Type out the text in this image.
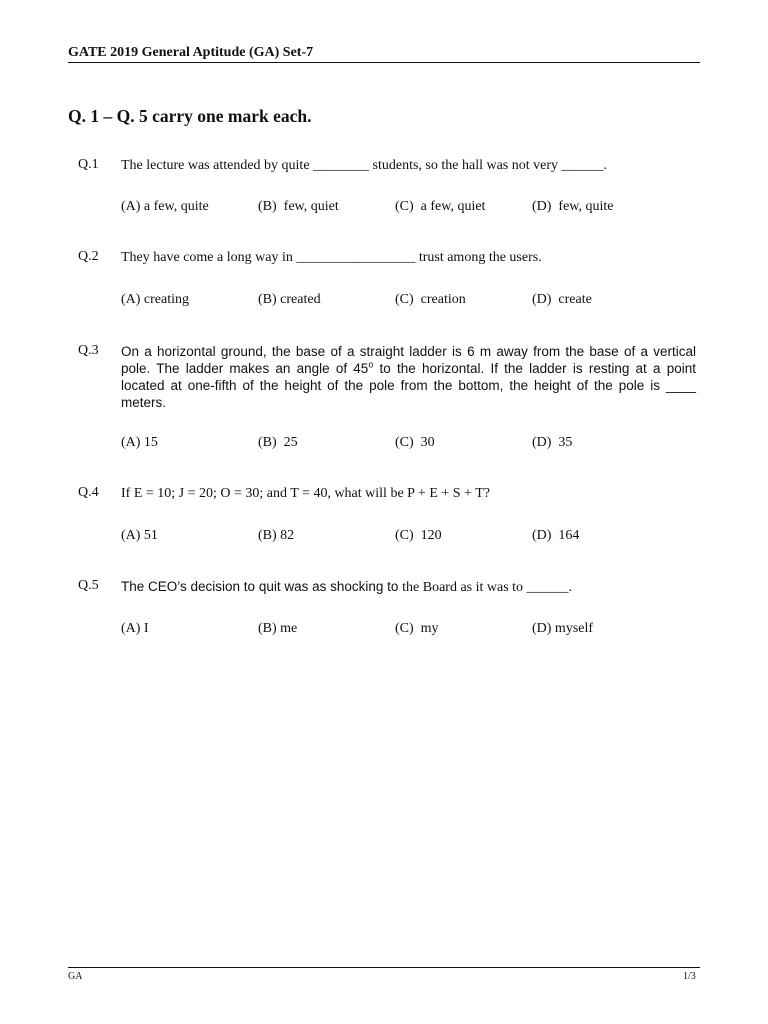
GATE 2019 General Aptitude (GA) Set-7
Q. 1 – Q. 5 carry one mark each.
Q.1 The lecture was attended by quite ________ students, so the hall was not very ______.
(A) a few, quite	(B)  few, quiet	(C)  a few, quiet	(D)  few, quite
Q.2 They have come a long way in _________________ trust among the users.
(A) creating	(B) created	(C)  creation	(D)  create
Q.3 On a horizontal ground, the base of a straight ladder is 6 m away from the base of a vertical pole. The ladder makes an angle of 45$^o$ to the horizontal. If the ladder is resting at a point located at one-fifth of the height of the pole from the bottom, the height of the pole is ____ meters.
(A) 15	(B)  25	(C)  30	(D)  35
Q.4 If E = 10; J = 20; O = 30; and T = 40, what will be P + E + S + T?
(A) 51	(B) 82	(C)  120	(D)  164
Q.5 The CEO’s decision to quit was as shocking to the Board as it was to ______.
(A) I	(B) me	(C)  my	(D) myself
GA	1/3
